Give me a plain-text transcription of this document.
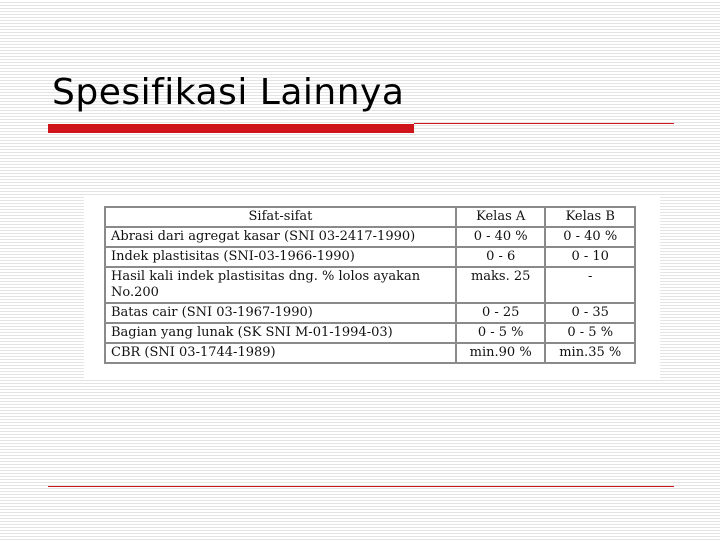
Spesifikasi Lainnya
Sifat-sifat	Kelas A	Kelas B
Abrasi dari agregat kasar (SNI 03-2417-1990)	0 - 40 %	0 - 40 %
Indek plastisitas (SNI-03-1966-1990)	0 - 6	0 - 10
Hasil kali indek plastisitas dng. % lolos ayakan No.200	maks. 25	-
Batas cair (SNI 03-1967-1990)	0 - 25	0 - 35
Bagian yang lunak (SK SNI M-01-1994-03)	0 - 5 %	0 - 5 %
CBR (SNI 03-1744-1989)	min.90 %	min.35 %
